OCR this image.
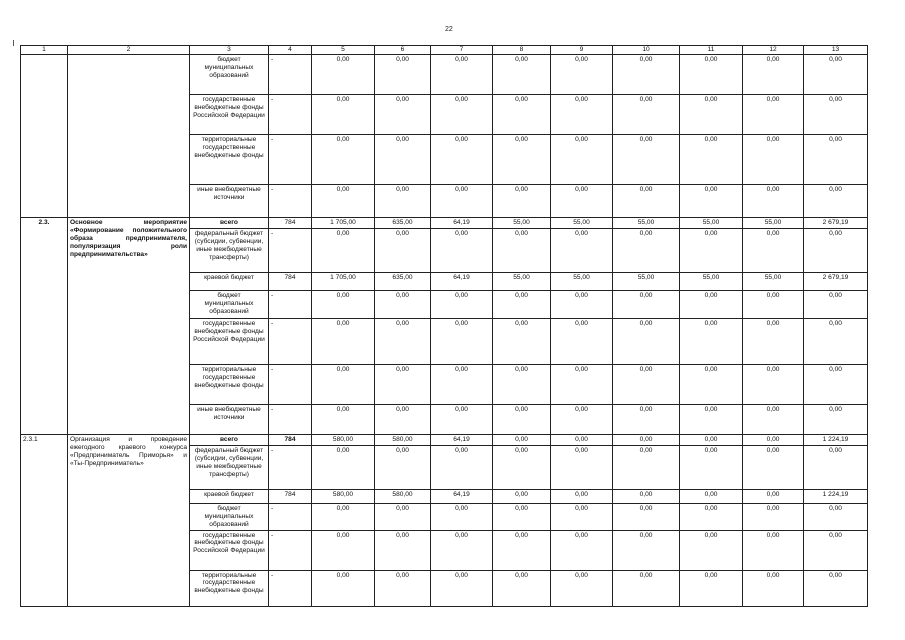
22
1	2	3	4	5	6	7	8	9	10	11	12	13
		бюджет муниципальных образований	-	0,00	0,00	0,00	0,00	0,00	0,00	0,00	0,00	0,00
		государственные внебюджетные фонды Российской Федерации	-	0,00	0,00	0,00	0,00	0,00	0,00	0,00	0,00	0,00
		территориальные государственные внебюджетные фонды	-	0,00	0,00	0,00	0,00	0,00	0,00	0,00	0,00	0,00
		иные внебюджетные источники	-	0,00	0,00	0,00	0,00	0,00	0,00	0,00	0,00	0,00
2.3.	Основное мероприятие «Формирование положительного образа предпринимателя, популяризация роли предпринимательства»	всего	784	1 705,00	635,00	64,19	55,00	55,00	55,00	55,00	55,00	2 679,19
		федеральный бюджет (субсидии, субвенции, иные межбюджетные трансферты)	-	0,00	0,00	0,00	0,00	0,00	0,00	0,00	0,00	0,00
		краевой бюджет	784	1 705,00	635,00	64,19	55,00	55,00	55,00	55,00	55,00	2 679,19
		бюджет муниципальных образований	-	0,00	0,00	0,00	0,00	0,00	0,00	0,00	0,00	0,00
		государственные внебюджетные фонды Российской Федерации	-	0,00	0,00	0,00	0,00	0,00	0,00	0,00	0,00	0,00
		территориальные государственные внебюджетные фонды	-	0,00	0,00	0,00	0,00	0,00	0,00	0,00	0,00	0,00
		иные внебюджетные источники	-	0,00	0,00	0,00	0,00	0,00	0,00	0,00	0,00	0,00
2.3.1	Организация и проведение ежегодного краевого конкурса «Предприниматель Приморья» и «Ты-Предприниматель»	всего	784	580,00	580,00	64,19	0,00	0,00	0,00	0,00	0,00	1 224,19
		федеральный бюджет (субсидии, субвенции, иные межбюджетные трансферты)	-	0,00	0,00	0,00	0,00	0,00	0,00	0,00	0,00	0,00
		краевой бюджет	784	580,00	580,00	64,19	0,00	0,00	0,00	0,00	0,00	1 224,19
		бюджет муниципальных образований	-	0,00	0,00	0,00	0,00	0,00	0,00	0,00	0,00	0,00
		государственные внебюджетные фонды Российской Федерации	-	0,00	0,00	0,00	0,00	0,00	0,00	0,00	0,00	0,00
		территориальные государственные внебюджетные фонды	-	0,00	0,00	0,00	0,00	0,00	0,00	0,00	0,00	0,00
